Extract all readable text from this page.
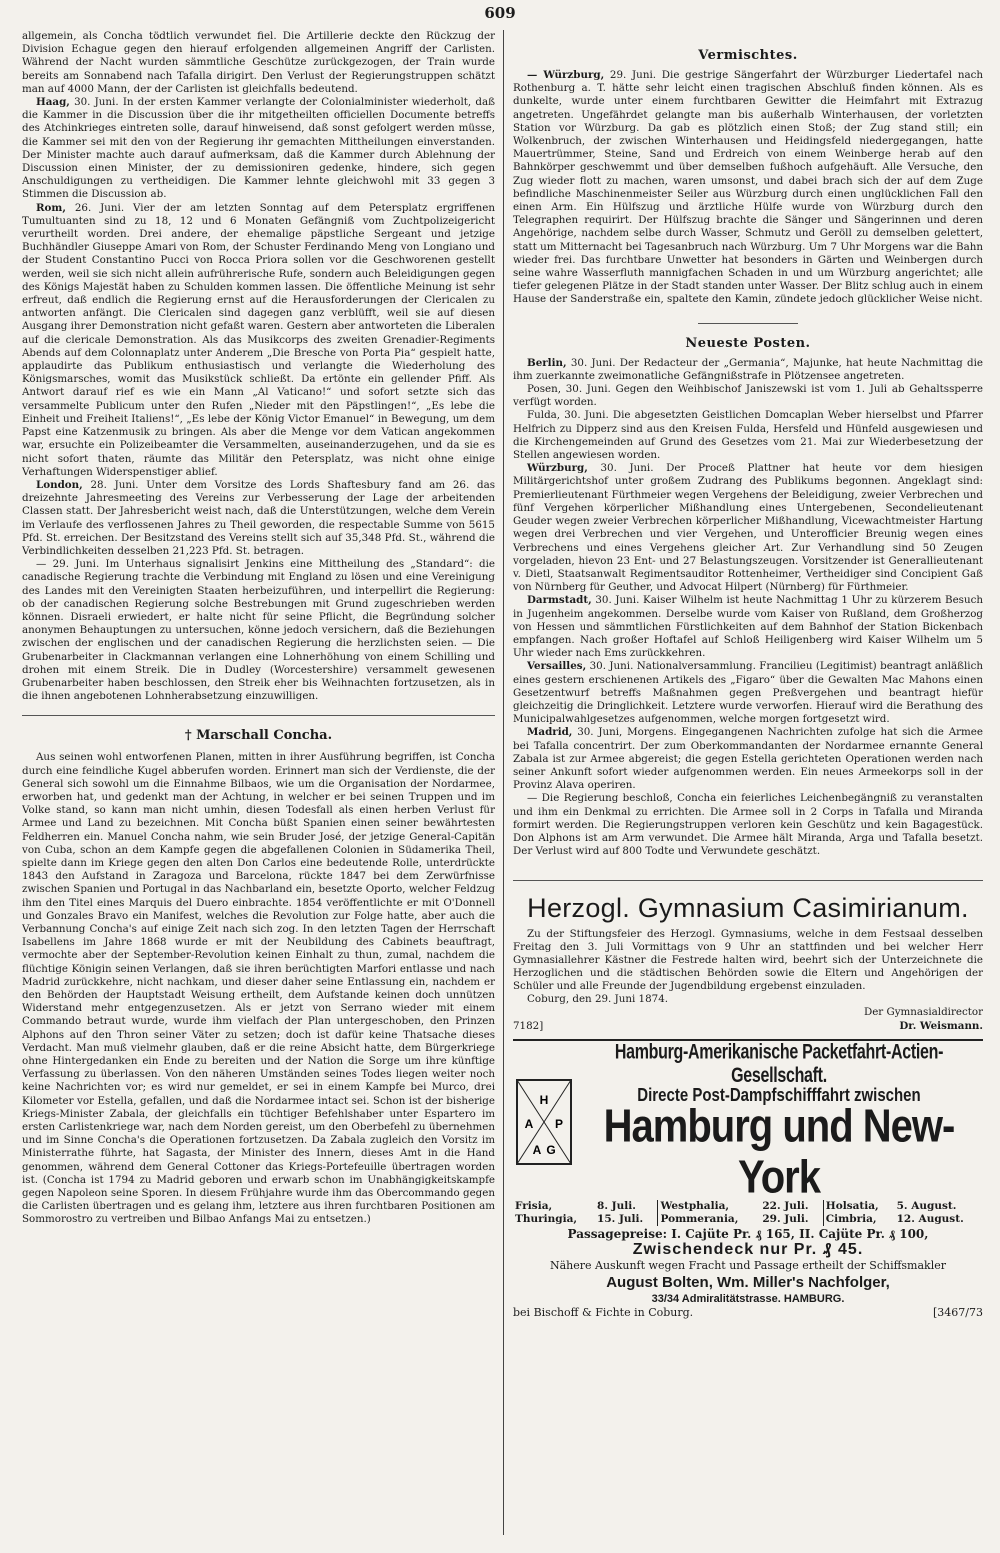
609

allgemein, als Concha tödtlich verwundet fiel. Die Artillerie deckte den Rückzug der Division Echague gegen den hierauf erfolgenden allgemeinen Angriff der Carlisten. Während der Nacht wurden sämmtliche Geschütze zurückgezogen, der Train wurde bereits am Sonnabend nach Tafalla dirigirt. Den Verlust der Regierungstruppen schätzt man auf 4000 Mann, der der Carlisten ist gleichfalls bedeutend.

Haag, 30. Juni. In der ersten Kammer verlangte der Colonialminister wiederholt, daß die Kammer in die Discussion über die ihr mitgetheilten officiellen Documente betreffs des Atchinkrieges eintreten solle, darauf hinweisend, daß sonst gefolgert werden müsse, die Kammer sei mit den von der Regierung ihr gemachten Mittheilungen einverstanden. Der Minister machte auch darauf aufmerksam, daß die Kammer durch Ablehnung der Discussion einen Minister, der zu demissioniren gedenke, hindere, sich gegen Anschuldigungen zu vertheidigen. Die Kammer lehnte gleichwohl mit 33 gegen 3 Stimmen die Discussion ab.

Rom, 26. Juni. Vier der am letzten Sonntag auf dem Petersplatz ergriffenen Tumultuanten sind zu 18, 12 und 6 Monaten Gefängniß vom Zuchtpolizeigericht verurtheilt worden. Drei andere, der ehemalige päpstliche Sergeant und jetzige Buchhändler Giuseppe Amari von Rom, der Schuster Ferdinando Meng von Longiano und der Student Constantino Pucci von Rocca Priora sollen vor die Geschworenen gestellt werden, weil sie sich nicht allein aufrührerische Rufe, sondern auch Beleidigungen gegen des Königs Majestät haben zu Schulden kommen lassen. Die öffentliche Meinung ist sehr erfreut, daß endlich die Regierung ernst auf die Herausforderungen der Clericalen zu antworten anfängt. Die Clericalen sind dagegen ganz verblüfft, weil sie auf diesen Ausgang ihrer Demonstration nicht gefaßt waren. Gestern aber antworteten die Liberalen auf die clericale Demonstration. Als das Musikcorps des zweiten Grenadier-Regiments Abends auf dem Colonnaplatz unter Anderem „Die Bresche von Porta Pia“ gespielt hatte, applaudirte das Publikum enthusiastisch und verlangte die Wiederholung des Königsmarsches, womit das Musikstück schließt. Da ertönte ein gellender Pfiff. Als Antwort darauf rief es wie ein Mann „Al Vaticano!“ und sofort setzte sich das versammelte Publicum unter den Rufen „Nieder mit den Päpstlingen!“, „Es lebe die Einheit und Freiheit Italiens!“, „Es lebe der König Victor Emanuel“ in Bewegung, um dem Papst eine Katzenmusik zu bringen. Als aber die Menge vor dem Vatican angekommen war, ersuchte ein Polizeibeamter die Versammelten, auseinanderzugehen, und da sie es nicht sofort thaten, räumte das Militär den Petersplatz, was nicht ohne einige Verhaftungen Widerspenstiger ablief.

London, 28. Juni. Unter dem Vorsitze des Lords Shaftesbury fand am 26. das dreizehnte Jahresmeeting des Vereins zur Verbesserung der Lage der arbeitenden Classen statt. Der Jahresbericht weist nach, daß die Unterstützungen, welche dem Verein im Verlaufe des verflossenen Jahres zu Theil geworden, die respectable Summe von 5615 Pfd. St. erreichen. Der Besitzstand des Vereins stellt sich auf 35,348 Pfd. St., während die Verbindlichkeiten desselben 21,223 Pfd. St. betragen.

— 29. Juni. Im Unterhaus signalisirt Jenkins eine Mittheilung des „Standard“: die canadische Regierung trachte die Verbindung mit England zu lösen und eine Vereinigung des Landes mit den Vereinigten Staaten herbeizuführen, und interpellirt die Regierung: ob der canadischen Regierung solche Bestrebungen mit Grund zugeschrieben werden können. Disraeli erwiedert, er halte nicht für seine Pflicht, die Begründung solcher anonymen Behauptungen zu untersuchen, könne jedoch versichern, daß die Beziehungen zwischen der englischen und der canadischen Regierung die herzlichsten seien. — Die Grubenarbeiter in Clackmannan verlangen eine Lohnerhöhung von einem Schilling und drohen mit einem Streik. Die in Dudley (Worcestershire) versammelt gewesenen Grubenarbeiter haben beschlossen, den Streik eher bis Weihnachten fortzusetzen, als in die ihnen angebotenen Lohnherabsetzung einzuwilligen.

† Marschall Concha.

Aus seinen wohl entworfenen Planen, mitten in ihrer Ausführung begriffen, ist Concha durch eine feindliche Kugel abberufen worden. Erinnert man sich der Verdienste, die der General sich sowohl um die Einnahme Bilbaos, wie um die Organisation der Nordarmee, erworben hat, und gedenkt man der Achtung, in welcher er bei seinen Truppen und im Volke stand, so kann man nicht umhin, diesen Todesfall als einen herben Verlust für Armee und Land zu bezeichnen. Mit Concha büßt Spanien einen seiner bewährtesten Feldherren ein. Manuel Concha nahm, wie sein Bruder José, der jetzige General-Capitän von Cuba, schon an dem Kampfe gegen die abgefallenen Colonien in Südamerika Theil, spielte dann im Kriege gegen den alten Don Carlos eine bedeutende Rolle, unterdrückte 1843 den Aufstand in Zaragoza und Barcelona, rückte 1847 bei dem Zerwürfnisse zwischen Spanien und Portugal in das Nachbarland ein, besetzte Oporto, welcher Feldzug ihm den Titel eines Marquis del Duero einbrachte. 1854 veröffentlichte er mit O'Donnell und Gonzales Bravo ein Manifest, welches die Revolution zur Folge hatte, aber auch die Verbannung Concha's auf einige Zeit nach sich zog. In den letzten Tagen der Herrschaft Isabellens im Jahre 1868 wurde er mit der Neubildung des Cabinets beauftragt, vermochte aber der September-Revolution keinen Einhalt zu thun, zumal, nachdem die flüchtige Königin seinen Verlangen, daß sie ihren berüchtigten Marfori entlasse und nach Madrid zurückkehre, nicht nachkam, und dieser daher seine Entlassung ein, nachdem er den Behörden der Hauptstadt Weisung ertheilt, dem Aufstande keinen doch unnützen Widerstand mehr entgegenzusetzen. Als er jetzt von Serrano wieder mit einem Commando betraut wurde, wurde ihm vielfach der Plan untergeschoben, den Prinzen Alphons auf den Thron seiner Väter zu setzen; doch ist dafür keine Thatsache dieses Verdacht. Man muß vielmehr glauben, daß er die reine Absicht hatte, dem Bürgerkriege ohne Hintergedanken ein Ende zu bereiten und der Nation die Sorge um ihre künftige Verfassung zu überlassen. Von den näheren Umständen seines Todes liegen weiter noch keine Nachrichten vor; es wird nur gemeldet, er sei in einem Kampfe bei Murco, drei Kilometer vor Estella, gefallen, und daß die Nordarmee intact sei. Schon ist der bisherige Kriegs-Minister Zabala, der gleichfalls ein tüchtiger Befehlshaber unter Espartero im ersten Carlistenkriege war, nach dem Norden gereist, um den Oberbefehl zu übernehmen und im Sinne Concha's die Operationen fortzusetzen. Da Zabala zugleich den Vorsitz im Ministerrathe führte, hat Sagasta, der Minister des Innern, dieses Amt in die Hand genommen, während dem General Cottoner das Kriegs-Portefeuille übertragen worden ist. (Concha ist 1794 zu Madrid geboren und erwarb schon im Unabhängigkeitskampfe gegen Napoleon seine Sporen. In diesem Frühjahre wurde ihm das Obercommando gegen die Carlisten übertragen und es gelang ihm, letztere aus ihren furchtbaren Positionen am Sommorostro zu vertreiben und Bilbao Anfangs Mai zu entsetzen.)

Vermischtes.

— Würzburg, 29. Juni. Die gestrige Sängerfahrt der Würzburger Liedertafel nach Rothenburg a. T. hätte sehr leicht einen tragischen Abschluß finden können. Als es dunkelte, wurde unter einem furchtbaren Gewitter die Heimfahrt mit Extrazug angetreten. Ungefährdet gelangte man bis außerhalb Winterhausen, der vorletzten Station vor Würzburg. Da gab es plötzlich einen Stoß; der Zug stand still; ein Wolkenbruch, der zwischen Winterhausen und Heidingsfeld niedergegangen, hatte Mauertrümmer, Steine, Sand und Erdreich von einem Weinberge herab auf den Bahnkörper geschwemmt und über demselben fußhoch aufgehäuft. Alle Versuche, den Zug wieder flott zu machen, waren umsonst, und dabei brach sich der auf dem Zuge befindliche Maschinenmeister Seiler aus Würzburg durch einen unglücklichen Fall den einen Arm. Ein Hülfszug und ärztliche Hülfe wurde von Würzburg durch den Telegraphen requirirt. Der Hülfszug brachte die Sänger und Sängerinnen und deren Angehörige, nachdem selbe durch Wasser, Schmutz und Geröll zu demselben gelettert, statt um Mitternacht bei Tagesanbruch nach Würzburg. Um 7 Uhr Morgens war die Bahn wieder frei. Das furchtbare Unwetter hat besonders in Gärten und Weinbergen durch seine wahre Wasserfluth mannigfachen Schaden in und um Würzburg angerichtet; alle tiefer gelegenen Plätze in der Stadt standen unter Wasser. Der Blitz schlug auch in einem Hause der Sanderstraße ein, spaltete den Kamin, zündete jedoch glücklicher Weise nicht.

Neueste Posten.

Berlin, 30. Juni. Der Redacteur der „Germania“, Majunke, hat heute Nachmittag die ihm zuerkannte zweimonatliche Gefängnißstrafe in Plötzensee angetreten.

Posen, 30. Juni. Gegen den Weihbischof Janiszewski ist vom 1. Juli ab Gehaltssperre verfügt worden.

Fulda, 30. Juni. Die abgesetzten Geistlichen Domcaplan Weber hierselbst und Pfarrer Helfrich zu Dipperz sind aus den Kreisen Fulda, Hersfeld und Hünfeld ausgewiesen und die Kirchengemeinden auf Grund des Gesetzes vom 21. Mai zur Wiederbesetzung der Stellen angewiesen worden.

Würzburg, 30. Juni. Der Proceß Plattner hat heute vor dem hiesigen Militärgerichtshof unter großem Zudrang des Publikums begonnen. Angeklagt sind: Premierlieutenant Fürthmeier wegen Vergehens der Beleidigung, zweier Verbrechen und fünf Vergehen körperlicher Mißhandlung eines Untergebenen, Secondelieutenant Geuder wegen zweier Verbrechen körperlicher Mißhandlung, Vicewachtmeister Hartung wegen drei Verbrechen und vier Vergehen, und Unterofficier Breunig wegen eines Verbrechens und eines Vergehens gleicher Art. Zur Verhandlung sind 50 Zeugen vorgeladen, hievon 23 Ent- und 27 Belastungszeugen. Vorsitzender ist Generallieutenant v. Dietl, Staatsanwalt Regimentsauditor Rottenheimer, Vertheidiger sind Concipient Gaß von Nürnberg für Geuther, und Advocat Hilpert (Nürnberg) für Fürthmeier.

Darmstadt, 30. Juni. Kaiser Wilhelm ist heute Nachmittag 1 Uhr zu kürzerem Besuch in Jugenheim angekommen. Derselbe wurde vom Kaiser von Rußland, dem Großherzog von Hessen und sämmtlichen Fürstlichkeiten auf dem Bahnhof der Station Bickenbach empfangen. Nach großer Hoftafel auf Schloß Heiligenberg wird Kaiser Wilhelm um 5 Uhr wieder nach Ems zurückkehren.

Versailles, 30. Juni. Nationalversammlung. Francilieu (Legitimist) beantragt anläßlich eines gestern erschienenen Artikels des „Figaro“ über die Gewalten Mac Mahons einen Gesetzentwurf betreffs Maßnahmen gegen Preßvergehen und beantragt hiefür gleichzeitig die Dringlichkeit. Letztere wurde verworfen. Hierauf wird die Berathung des Municipalwahlgesetzes aufgenommen, welche morgen fortgesetzt wird.

Madrid, 30. Juni, Morgens. Eingegangenen Nachrichten zufolge hat sich die Armee bei Tafalla concentrirt. Der zum Oberkommandanten der Nordarmee ernannte General Zabala ist zur Armee abgereist; die gegen Estella gerichteten Operationen werden nach seiner Ankunft sofort wieder aufgenommen werden. Ein neues Armeekorps soll in der Provinz Alava operiren.

— Die Regierung beschloß, Concha ein feierliches Leichenbegängniß zu veranstalten und ihm ein Denkmal zu errichten. Die Armee soll in 2 Corps in Tafalla und Miranda formirt werden. Die Regierungstruppen verloren kein Geschütz und kein Bagagestück. Don Alphons ist am Arm verwundet. Die Armee hält Miranda, Arga und Tafalla besetzt. Der Verlust wird auf 800 Todte und Verwundete geschätzt.

Herzogl. Gymnasium Casimirianum.

Zu der Stiftungsfeier des Herzogl. Gymnasiums, welche in dem Festsaal desselben Freitag den 3. Juli Vormittags von 9 Uhr an stattfinden und bei welcher Herr Gymnasiallehrer Kästner die Festrede halten wird, beehrt sich der Unterzeichnete die Herzoglichen und die städtischen Behörden sowie die Eltern und Angehörigen der Schüler und alle Freunde der Jugendbildung ergebenst einzuladen.

Coburg, den 29. Juni 1874.

Der Gymnasialdirector
7182]	Dr. Weismann.
H
A P
A G
Hamburg-Amerikanische Packetfahrt-Actien-Gesellschaft.
Directe Post-Dampfschifffahrt zwischen
Hamburg und New-York
Frisia,	8. Juli.	Westphalia,	22. Juli.	Holsatia,	5. August.
Thuringia,	15. Juli.	Pommerania,	29. Juli.	Cimbria,	12. August.
Passagepreise: I. Cajüte Pr. ₰ 165, II. Cajüte Pr. ₰ 100,
Zwischendeck nur Pr. ₰ 45.
Nähere Auskunft wegen Fracht und Passage ertheilt der Schiffsmakler
August Bolten, Wm. Miller's Nachfolger,
33/34 Admiralitätstrasse. HAMBURG.
bei Bischoff & Fichte in Coburg.	[3467/73
